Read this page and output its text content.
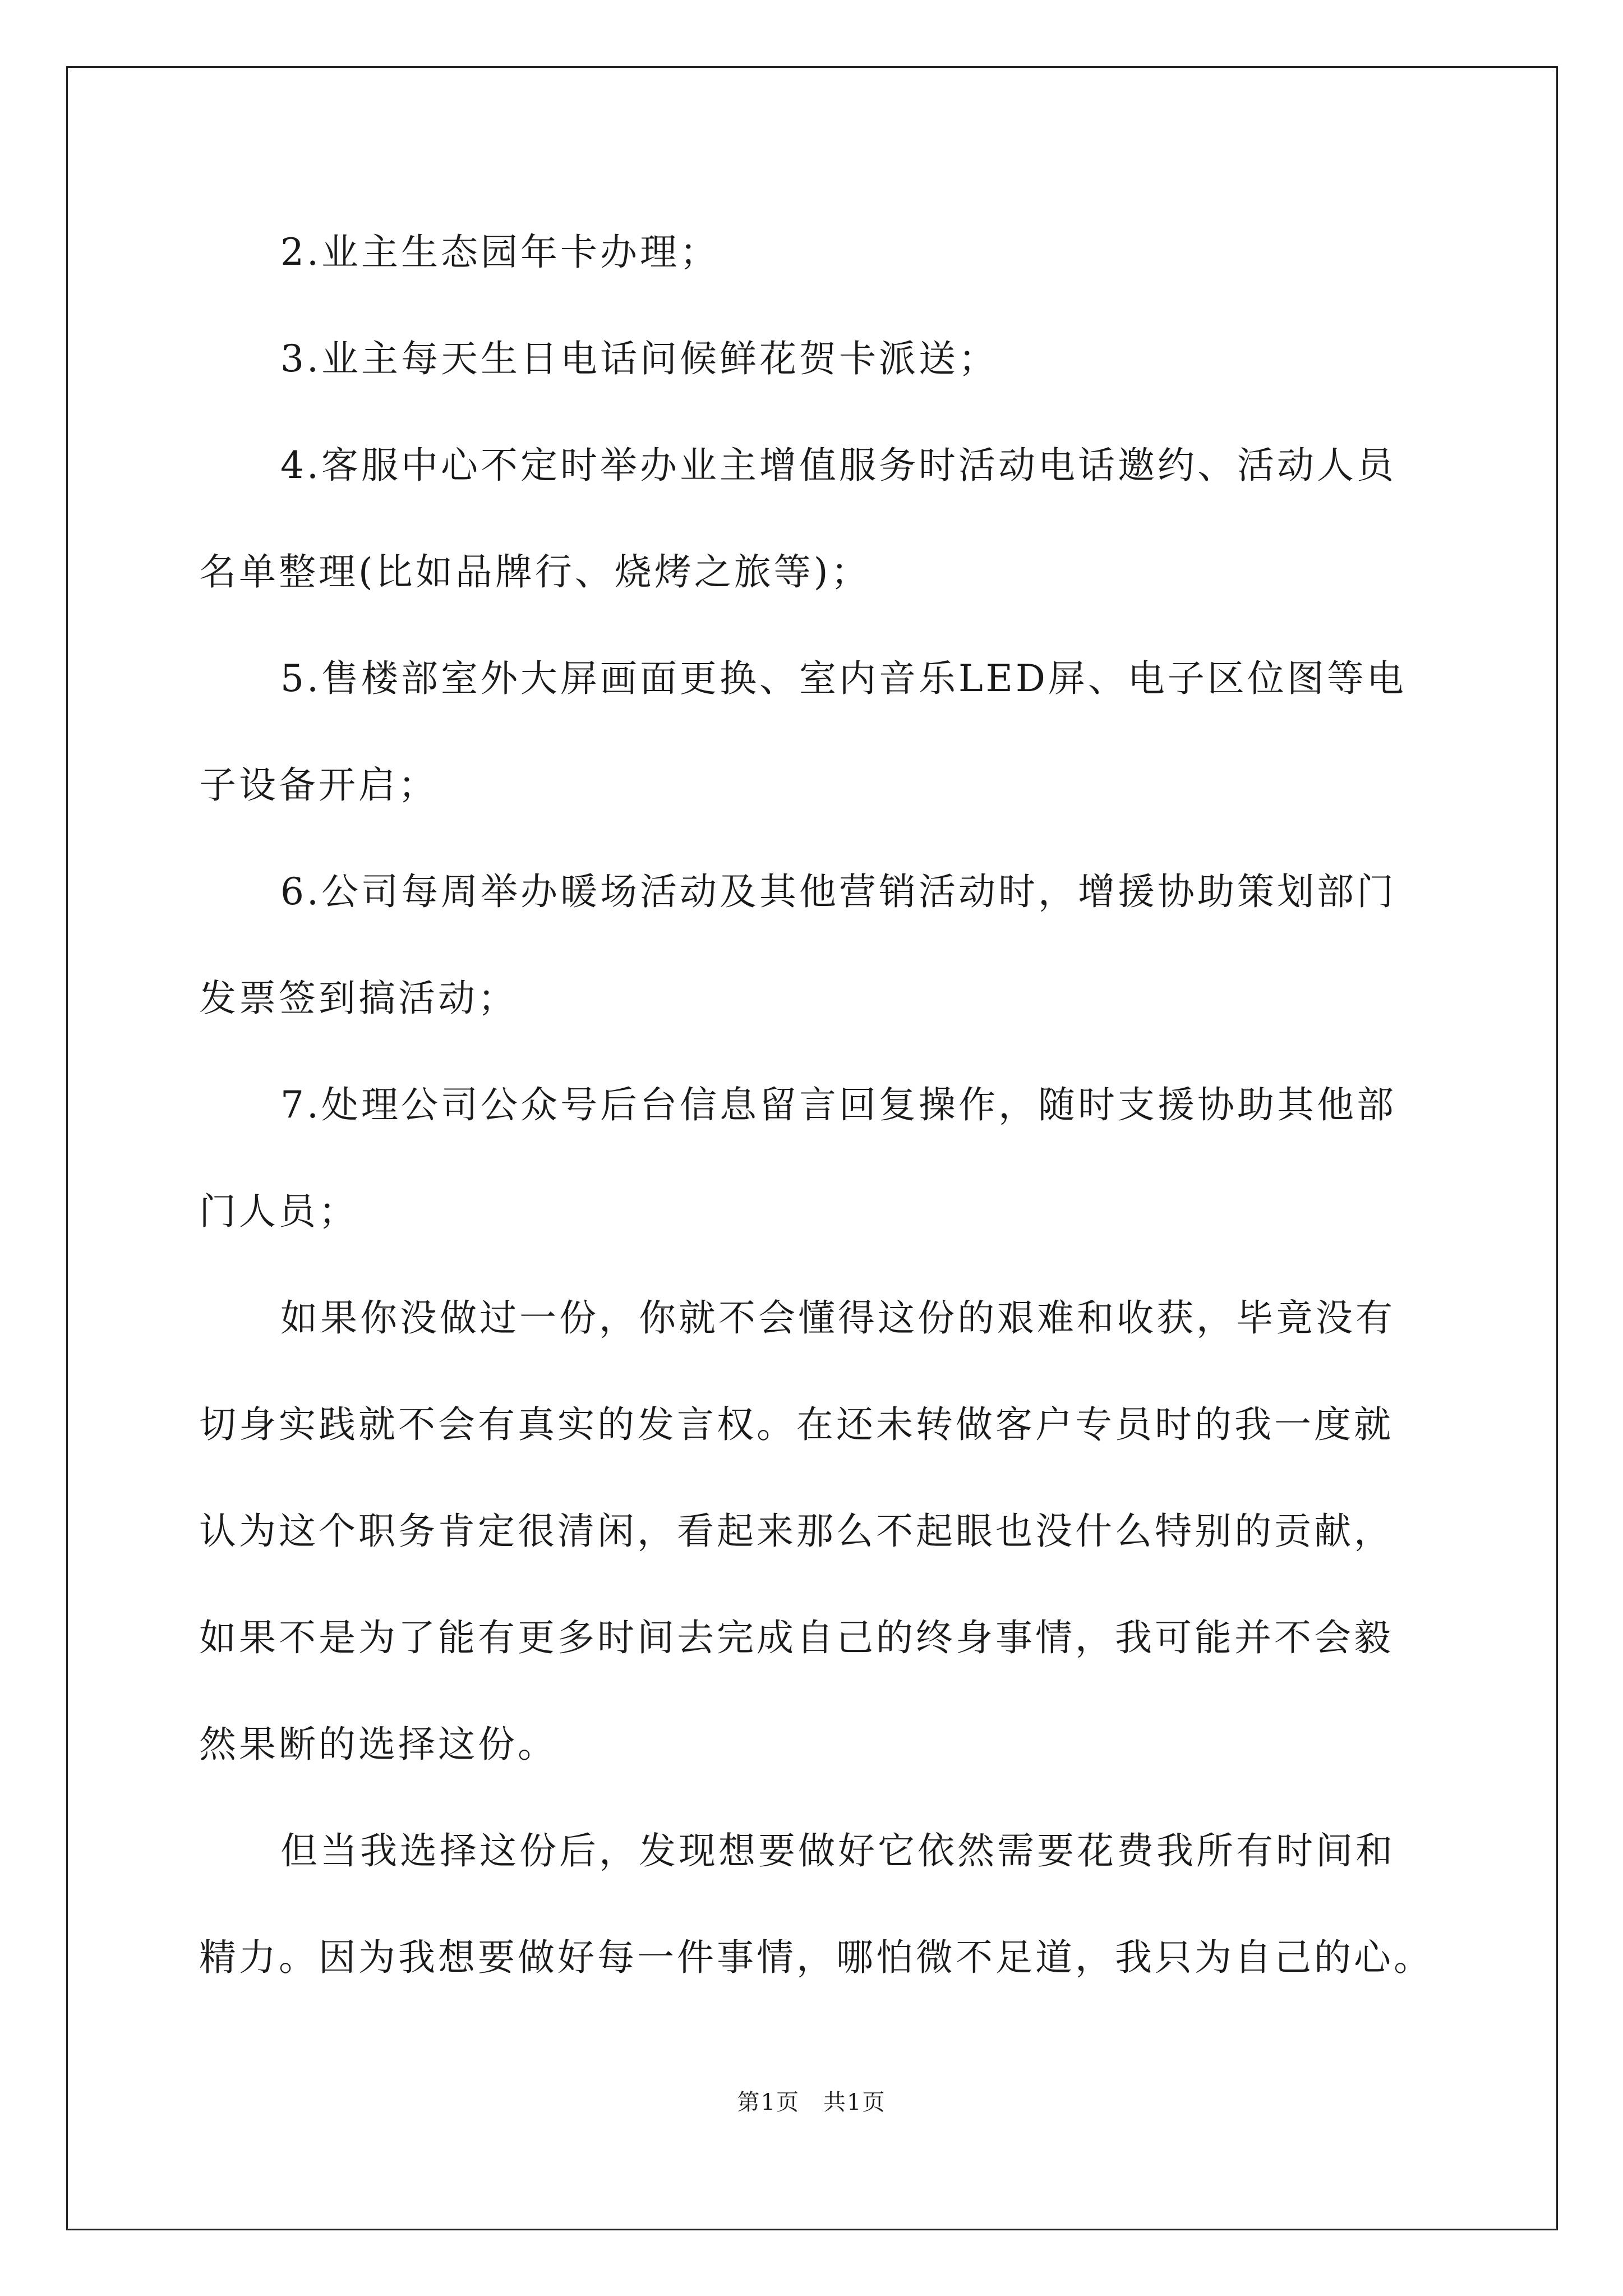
2.业主生态园年卡办理；
3.业主每天生日电话问候鲜花贺卡派送；
4.客服中心不定时举办业主增值服务时活动电话邀约、活动人员
名单整理(比如品牌行、烧烤之旅等)；
5.售楼部室外大屏画面更换、室内音乐LED屏、电子区位图等电
子设备开启；
6.公司每周举办暖场活动及其他营销活动时，增援协助策划部门
发票签到搞活动；
7.处理公司公众号后台信息留言回复操作，随时支援协助其他部
门人员；
如果你没做过一份，你就不会懂得这份的艰难和收获，毕竟没有
切身实践就不会有真实的发言权。在还未转做客户专员时的我一度就
认为这个职务肯定很清闲，看起来那么不起眼也没什么特别的贡献，
如果不是为了能有更多时间去完成自己的终身事情，我可能并不会毅
然果断的选择这份。
但当我选择这份后，发现想要做好它依然需要花费我所有时间和
精力。因为我想要做好每一件事情，哪怕微不足道，我只为自己的心。
第1页　共1页
